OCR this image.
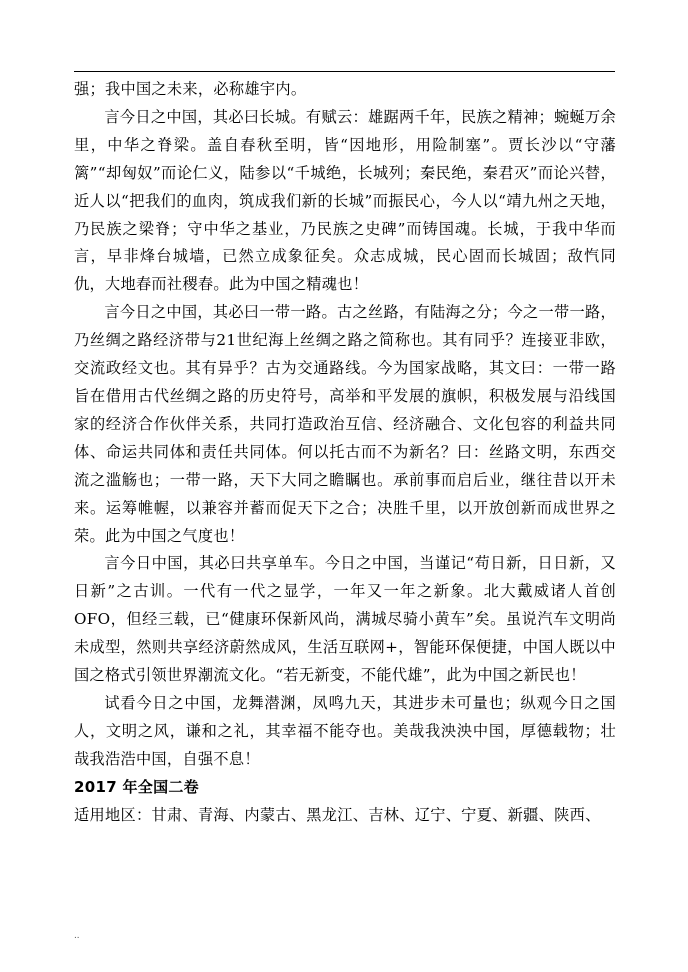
强；我中国之未来，必称雄宇内。

言今日之中国，其必曰长城。有赋云：雄踞两千年，民族之精神；蜿蜒万余里，中华之脊梁。盖自春秋至明，皆“因地形，用险制塞”。贾长沙以“守藩篱”“却匈奴”而论仁义，陆参以“千城绝，长城列；秦民绝，秦君灭”而论兴替，近人以“把我们的血肉，筑成我们新的长城”而振民心，今人以“靖九州之天地，乃民族之梁脊；守中华之基业，乃民族之史碑”而铸国魂。长城，于我中华而言，早非烽台城墙，已然立成象征矣。众志成城，民心固而长城固；敌忾同仇，大地春而社稷春。此为中国之精魂也！

言今日之中国，其必曰一带一路。古之丝路，有陆海之分；今之一带一路，乃丝绸之路经济带与21世纪海上丝绸之路之简称也。其有同乎？连接亚非欧，交流政经文也。其有异乎？古为交通路线。今为国家战略，其文曰：一带一路旨在借用古代丝绸之路的历史符号，高举和平发展的旗帜，积极发展与沿线国家的经济合作伙伴关系，共同打造政治互信、经济融合、文化包容的利益共同体、命运共同体和责任共同体。何以托古而不为新名？曰：丝路文明，东西交流之滥觞也；一带一路，天下大同之瞻瞩也。承前事而启后业，继往昔以开未来。运筹帷幄，以兼容并蓄而促天下之合；决胜千里，以开放创新而成世界之荣。此为中国之气度也！

言今日中国，其必曰共享单车。今日之中国，当谨记“苟日新，日日新，又日新”之古训。一代有一代之显学，一年又一年之新象。北大戴威诸人首创OFO，但经三载，已“健康环保新风尚，满城尽骑小黄车”矣。虽说汽车文明尚未成型，然则共享经济蔚然成风，生活互联网+，智能环保便捷，中国人既以中国之格式引领世界潮流文化。“若无新变，不能代雄”，此为中国之新民也！

试看今日之中国，龙舞潜渊，凤鸣九天，其进步未可量也；纵观今日之国人，文明之风，谦和之礼，其幸福不能夺也。美哉我泱泱中国，厚德载物；壮哉我浩浩中国，自强不息！

2017 年全国二卷

适用地区：甘肃、青海、内蒙古、黑龙江、吉林、辽宁、宁夏、新疆、陕西、

..
